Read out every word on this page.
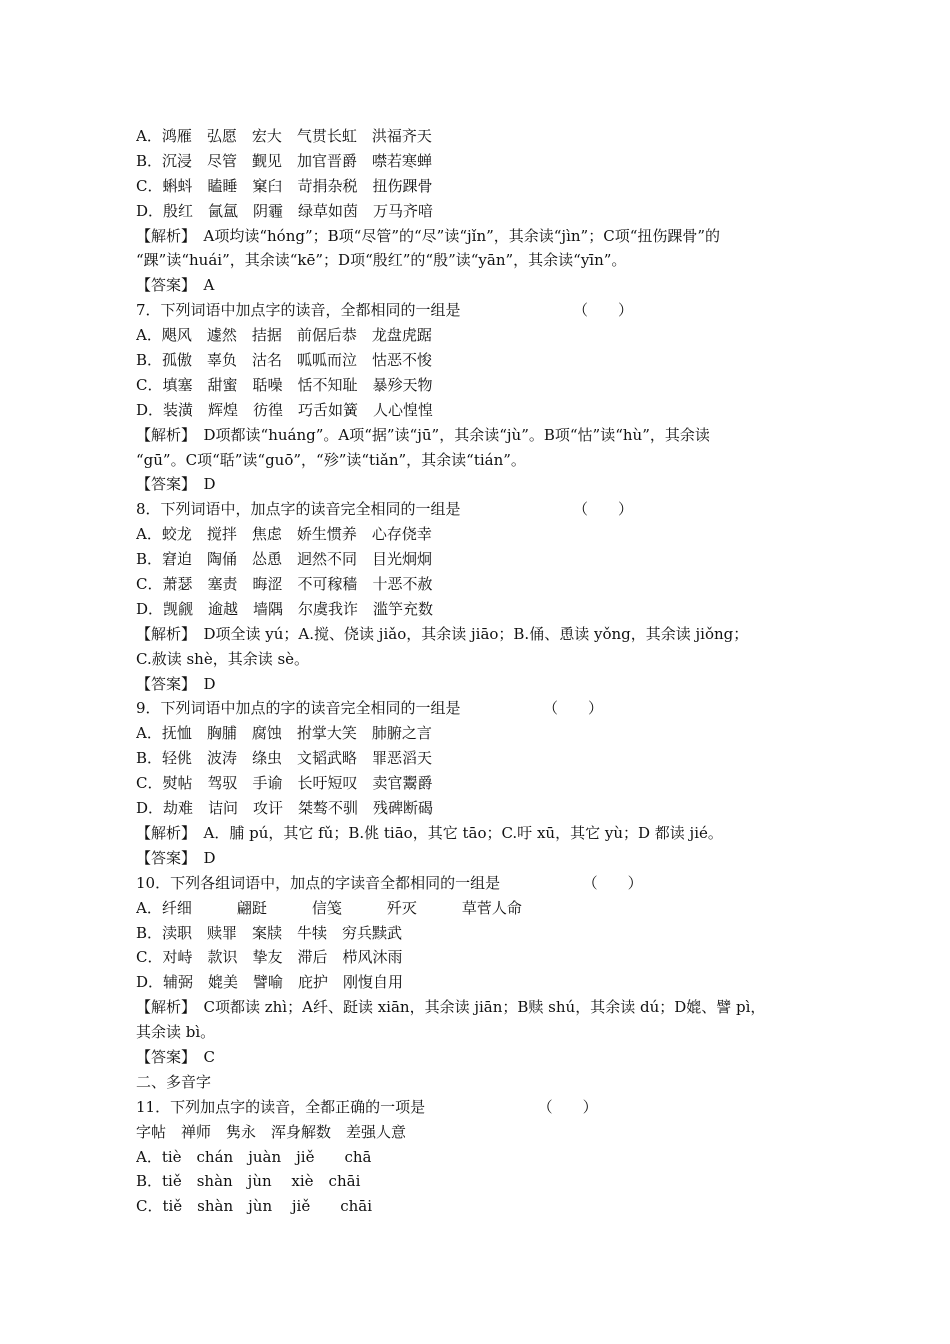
A．鸿雁　弘愿　宏大　气贯长虹　洪福齐天
B．沉浸　尽管　觐见　加官晋爵　噤若寒蝉
C．蝌蚪　瞌睡　窠臼　苛捐杂税　扭伤踝骨
D．殷红　氤氲　阴霾　绿草如茵　万马齐喑
【解析】　A项均读“hóng”；B项“尽管”的“尽”读“jǐn”，其余读“jìn”；C项“扭伤踝骨”的
“踝”读“huái”，其余读“kē”；D项“殷红”的“殷”读“yān”，其余读“yīn”。
【答案】　A
7．下列词语中加点字的读音，全都相同的一组是　　　　　　　　（　　）
A．飓风　遽然　拮据　前倨后恭　龙盘虎踞
B．孤傲　辜负　沽名　呱呱而泣　怙恶不悛
C．填塞　甜蜜　聒噪　恬不知耻　暴殄天物
D．装潢　辉煌　彷徨　巧舌如簧　人心惶惶
【解析】　D项都读“huáng”。A项“据”读“jū”，其余读“jù”。B项“怙”读“hù”，其余读
“gū”。C项“聒”读“guō”，“殄”读“tiǎn”，其余读“tián”。
【答案】　D
8．下列词语中，加点字的读音完全相同的一组是　　　　　　　　（　　）
A．蛟龙　搅拌　焦虑　娇生惯养　心存侥幸
B．窘迫　陶俑　怂恿　迥然不同　目光炯炯
C．萧瑟　塞责　晦涩　不可稼穑　十恶不赦
D．觊觎　逾越　墙隅　尔虞我诈　滥竽充数
【解析】　D项全读 yú；A.搅、侥读 jiǎo，其余读 jiāo；B.俑、恿读 yǒng，其余读 jiǒng；
C.赦读 shè，其余读 sè。
【答案】　D
9．下列词语中加点的字的读音完全相同的一组是　　　　　　（　　）
A．抚恤　胸脯　腐蚀　拊掌大笑　肺腑之言
B．轻佻　波涛　绦虫　文韬武略　罪恶滔天
C．熨帖　驾驭　手谕　长吁短叹　卖官鬻爵
D．劫难　诘问　攻讦　桀骜不驯　残碑断碣
【解析】　A．脯 pú，其它 fǔ；B.佻 tiāo，其它 tāo；C.吁 xū，其它 yù；D 都读 jié。
【答案】　D
10．下列各组词语中，加点的字读音全都相同的一组是　　　　　　（　　）
A．纤细　　　翩跹　　　信笺　　　歼灭　　　草菅人命
B．渎职　赎罪　案牍　牛犊　穷兵黩武
C．对峙　款识　挚友　滞后　栉风沐雨
D．辅弼　媲美　譬喻　庇护　刚愎自用
【解析】　C项都读 zhì；A纤、跹读 xiān，其余读 jiān；B赎 shú，其余读 dú；D媲、譬 pì，
其余读 bì。
【答案】　C
二、多音字
11．下列加点字的读音，全都正确的一项是　　　　　　　　（　　）
字帖　禅师　隽永　浑身解数　差强人意
A．tiè　chán　juàn　jiě　　chā
B．tiě　shàn　jùn　 xiè　chāi
C．tiě　shàn　jùn　 jiě　　chāi
